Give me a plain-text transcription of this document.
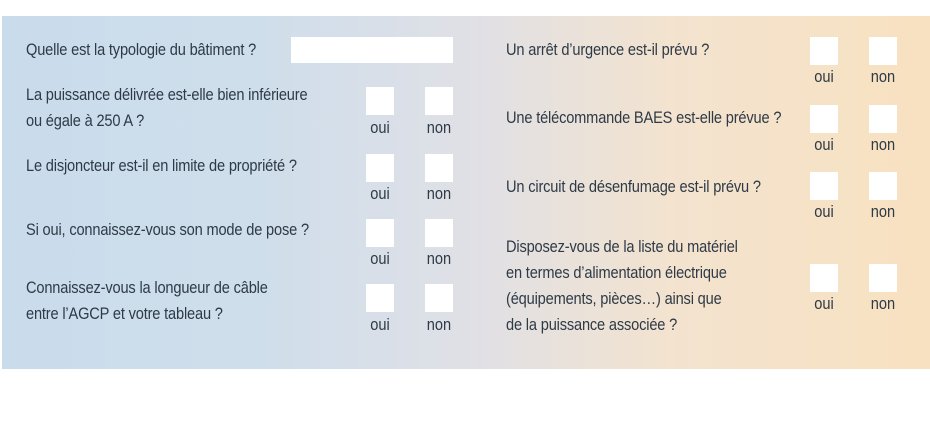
Quelle est la typologie du bâtiment ?
La puissance délivrée est-elle bien inférieure
ou égale à 250 A ?	oui	non
Le disjoncteur est-il en limite de propriété ?
oui	non
Si oui, connaissez-vous son mode de pose ?
oui	non
Connaissez-vous la longueur de câble
entre l’AGCP et votre tableau ?
oui	non
Un arrêt d’urgence est-il prévu ?
oui	non
Une télécommande BAES est-elle prévue ?
oui	non
Un circuit de désenfumage est-il prévu ?
oui	non
Disposez-vous de la liste du matériel
en termes d’alimentation électrique
(équipements, pièces…) ainsi que
de la puissance associée ?
oui	non
